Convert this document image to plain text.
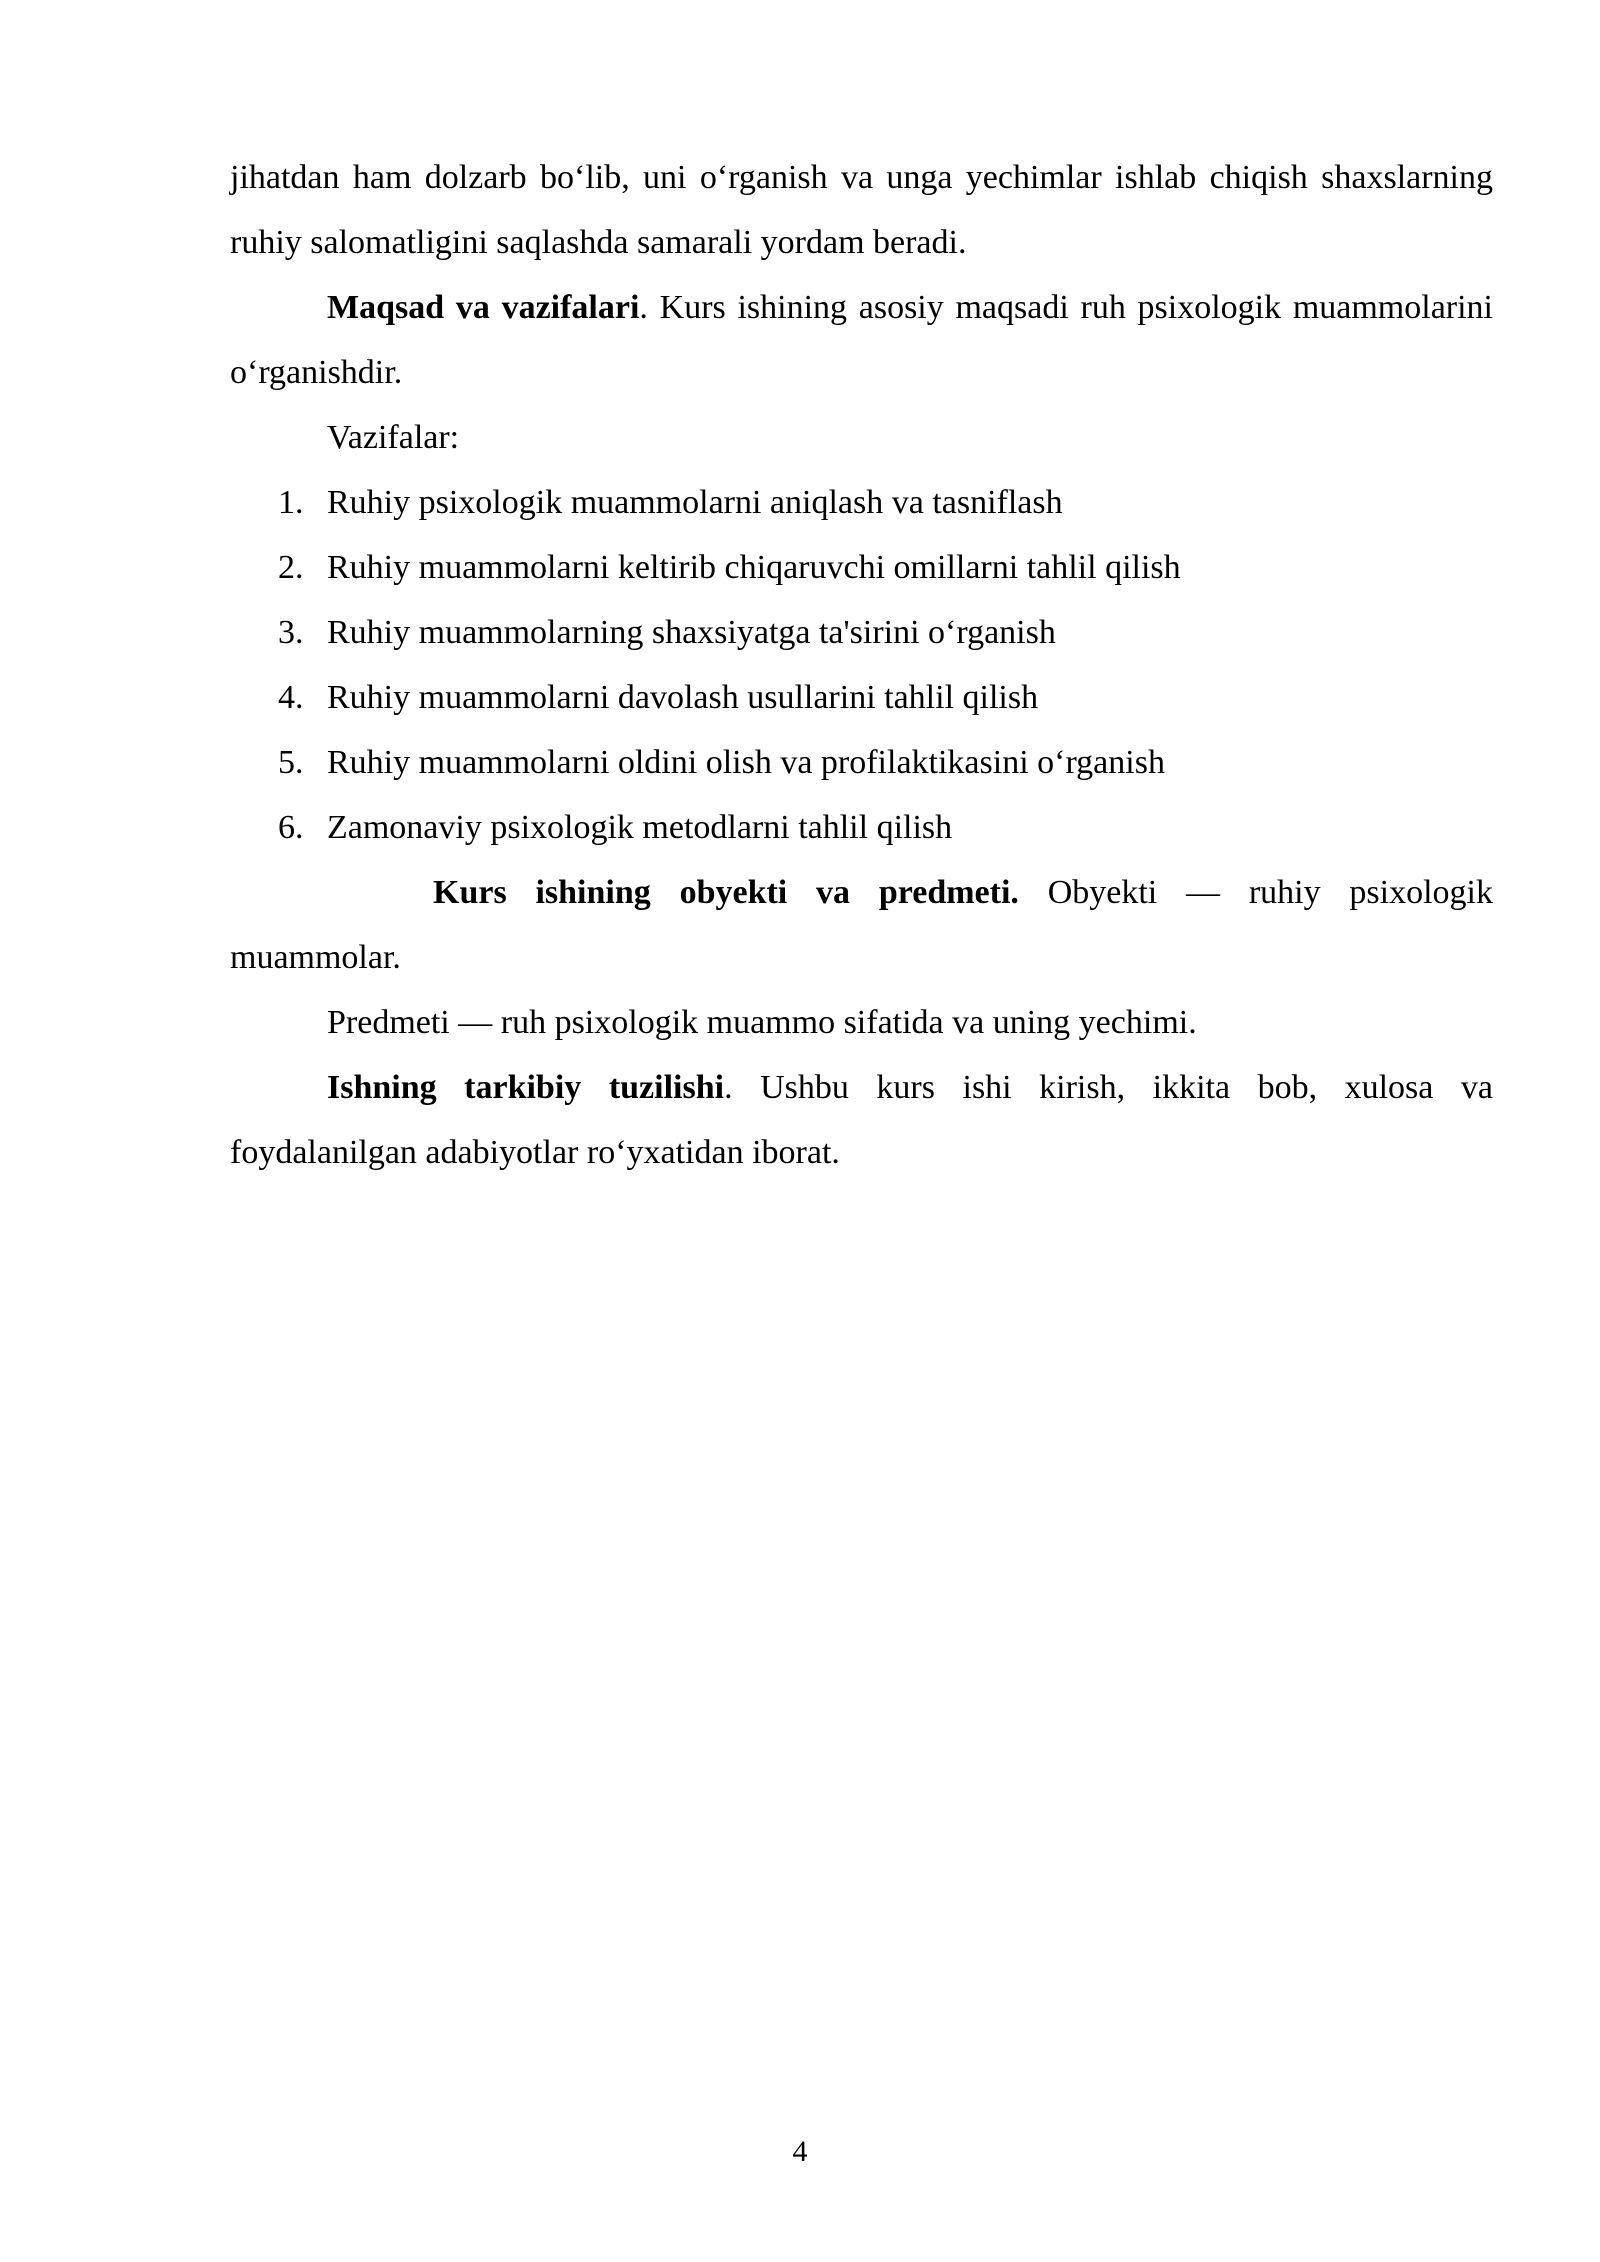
jihatdan ham dolzarb bo‘lib, uni o‘rganish va unga yechimlar ishlab chiqish shaxslarning ruhiy salomatligini saqlashda samarali yordam beradi.

Maqsad va vazifalari. Kurs ishining asosiy maqsadi ruh psixologik muammolarini o‘rganishdir.

Vazifalar:

1. Ruhiy psixologik muammolarni aniqlash va tasniflash
2. Ruhiy muammolarni keltirib chiqaruvchi omillarni tahlil qilish
3. Ruhiy muammolarning shaxsiyatga ta'sirini o‘rganish
4. Ruhiy muammolarni davolash usullarini tahlil qilish
5. Ruhiy muammolarni oldini olish va profilaktikasini o‘rganish
6. Zamonaviy psixologik metodlarni tahlil qilish

Kurs ishining obyekti va predmeti. Obyekti — ruhiy psixologik muammolar.

Predmeti — ruh psixologik muammo sifatida va uning yechimi.

Ishning tarkibiy tuzilishi. Ushbu kurs ishi kirish, ikkita bob, xulosa va foydalanilgan adabiyotlar ro‘yxatidan iborat.

4
